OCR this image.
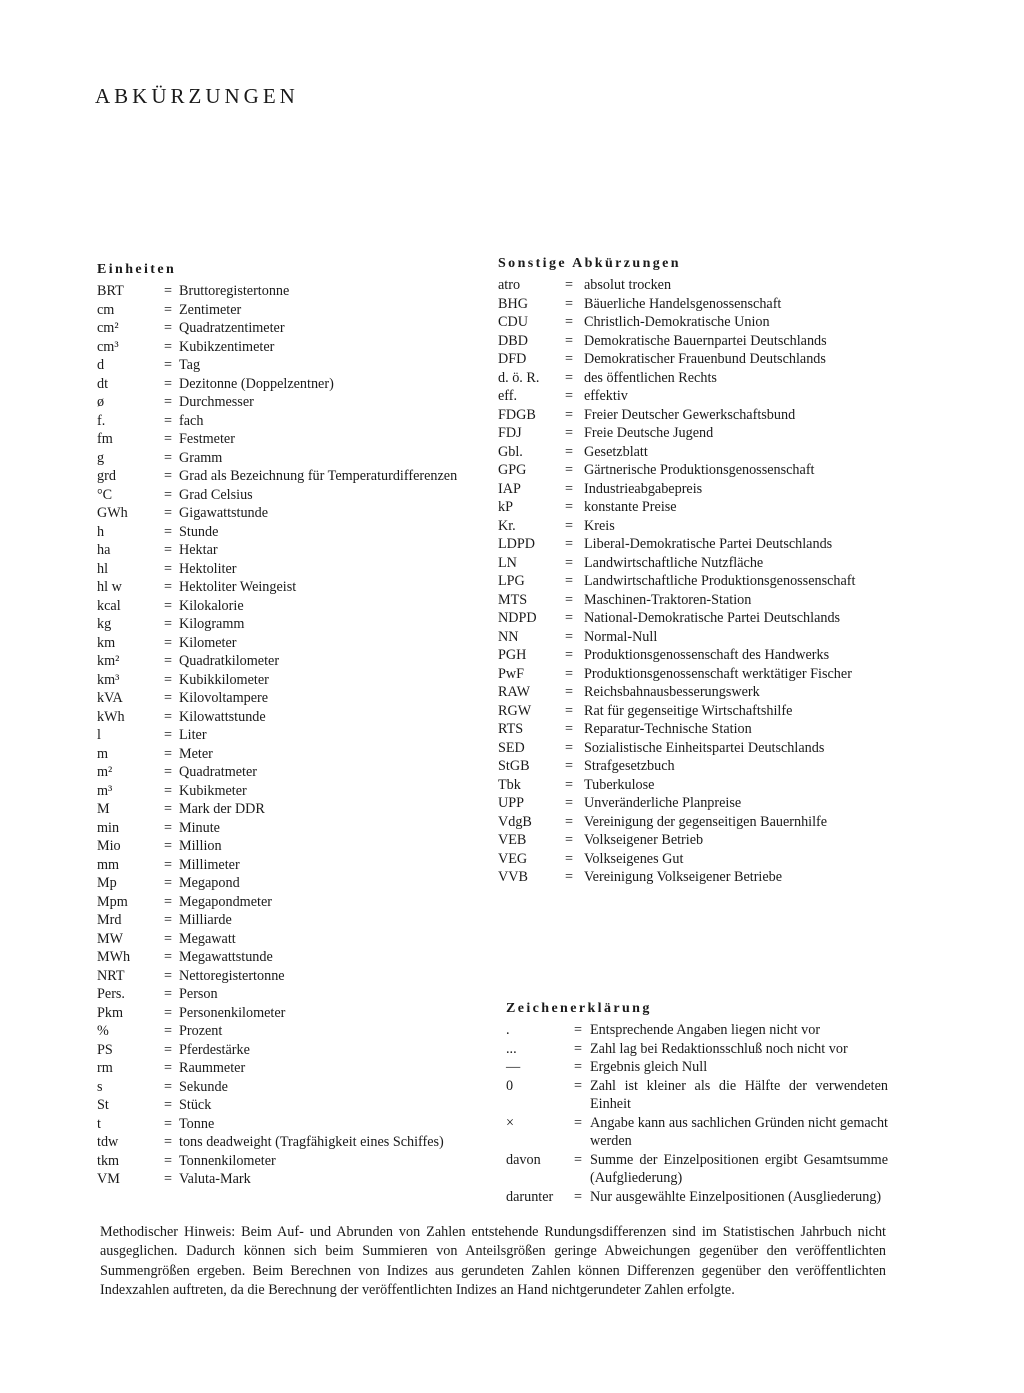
ABKÜRZUNGEN
Einheiten
BRT	= Bruttoregistertonne
cm	= Zentimeter
cm²	= Quadratzentimeter
cm³	= Kubikzentimeter
d	= Tag
dt	= Dezitonne (Doppelzentner)
ø	= Durchmesser
f.	= fach
fm	= Festmeter
g	= Gramm
grd	= Grad als Bezeichnung für Temperaturdifferenzen
°C	= Grad Celsius
GWh	= Gigawattstunde
h	= Stunde
ha	= Hektar
hl	= Hektoliter
hl w	= Hektoliter Weingeist
kcal	= Kilokalorie
kg	= Kilogramm
km	= Kilometer
km²	= Quadratkilometer
km³	= Kubikkilometer
kVA	= Kilovoltampere
kWh	= Kilowattstunde
l	= Liter
m	= Meter
m²	= Quadratmeter
m³	= Kubikmeter
M	= Mark der DDR
min	= Minute
Mio	= Million
mm	= Millimeter
Mp	= Megapond
Mpm	= Megapondmeter
Mrd	= Milliarde
MW	= Megawatt
MWh	= Megawattstunde
NRT	= Nettoregistertonne
Pers.	= Person
Pkm	= Personenkilometer
%	= Prozent
PS	= Pferdestärke
rm	= Raummeter
s	= Sekunde
St	= Stück
t	= Tonne
tdw	= tons deadweight (Tragfähigkeit eines Schiffes)
tkm	= Tonnenkilometer
VM	= Valuta-Mark
Sonstige Abkürzungen
atro	= absolut trocken
BHG	= Bäuerliche Handelsgenossenschaft
CDU	= Christlich-Demokratische Union
DBD	= Demokratische Bauernpartei Deutschlands
DFD	= Demokratischer Frauenbund Deutschlands
d. ö. R.	= des öffentlichen Rechts
eff.	= effektiv
FDGB	= Freier Deutscher Gewerkschaftsbund
FDJ	= Freie Deutsche Jugend
Gbl.	= Gesetzblatt
GPG	= Gärtnerische Produktionsgenossenschaft
IAP	= Industrieabgabepreis
kP	= konstante Preise
Kr.	= Kreis
LDPD	= Liberal-Demokratische Partei Deutschlands
LN	= Landwirtschaftliche Nutzfläche
LPG	= Landwirtschaftliche Produktionsgenossenschaft
MTS	= Maschinen-Traktoren-Station
NDPD	= National-Demokratische Partei Deutschlands
NN	= Normal-Null
PGH	= Produktionsgenossenschaft des Handwerks
PwF	= Produktionsgenossenschaft werktätiger Fischer
RAW	= Reichsbahnausbesserungswerk
RGW	= Rat für gegenseitige Wirtschaftshilfe
RTS	= Reparatur-Technische Station
SED	= Sozialistische Einheitspartei Deutschlands
StGB	= Strafgesetzbuch
Tbk	= Tuberkulose
UPP	= Unveränderliche Planpreise
VdgB	= Vereinigung der gegenseitigen Bauernhilfe
VEB	= Volkseigener Betrieb
VEG	= Volkseigenes Gut
VVB	= Vereinigung Volkseigener Betriebe
Zeichenerklärung
.	= Entsprechende Angaben liegen nicht vor
...	= Zahl lag bei Redaktionsschluß noch nicht vor
—	= Ergebnis gleich Null
0	= Zahl ist kleiner als die Hälfte der verwendeten Einheit
×	= Angabe kann aus sachlichen Gründen nicht gemacht werden
davon	= Summe der Einzelpositionen ergibt Gesamtsumme (Aufgliederung)
darunter	= Nur ausgewählte Einzelpositionen (Ausgliederung)
Methodischer Hinweis: Beim Auf- und Abrunden von Zahlen entstehende Rundungsdifferenzen sind im Statistischen Jahrbuch nicht ausgeglichen. Dadurch können sich beim Summieren von Anteilsgrößen geringe Abweichungen gegenüber den veröffentlichten Summengrößen ergeben. Beim Berechnen von Indizes aus gerundeten Zahlen können Differenzen gegenüber den veröffentlichten Indexzahlen auftreten, da die Berechnung der veröffentlichten Indizes an Hand nichtgerundeter Zahlen erfolgte.
